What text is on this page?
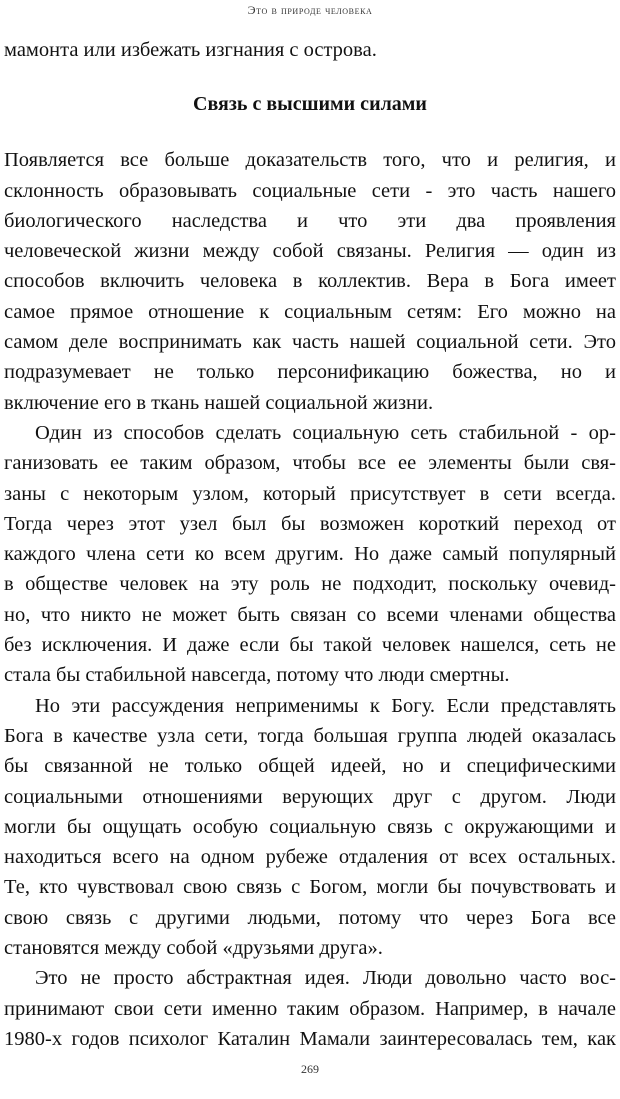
Это в природе человека
мамонта или избежать изгнания с острова.
Связь с высшими силами
Появляется все больше доказательств того, что и религия, и
склонность образовывать социальные сети - это часть нашего
биологического наследства и что эти два проявления
человеческой жизни между собой связаны. Религия — один из
способов включить человека в коллектив. Вера в Бога имеет
самое прямое отношение к социальным сетям: Его можно на
самом деле воспринимать как часть нашей социальной сети. Это
подразумевает не только персонификацию божества, но и
включение его в ткань нашей социальной жизни.
Один из способов сделать социальную сеть стабильной - ор-
ганизовать ее таким образом, чтобы все ее элементы были свя-
заны с некоторым узлом, который присутствует в сети всегда.
Тогда через этот узел был бы возможен короткий переход от
каждого члена сети ко всем другим. Но даже самый популярный
в обществе человек на эту роль не подходит, поскольку очевид-
но, что никто не может быть связан со всеми членами общества
без исключения. И даже если бы такой человек нашелся, сеть не
стала бы стабильной навсегда, потому что люди смертны.
Но эти рассуждения неприменимы к Богу. Если представлять
Бога в качестве узла сети, тогда большая группа людей оказалась
бы связанной не только общей идеей, но и специфическими
социальными отношениями верующих друг с другом. Люди
могли бы ощущать особую социальную связь с окружающими и
находиться всего на одном рубеже отдаления от всех остальных.
Те, кто чувствовал свою связь с Богом, могли бы почувствовать и
свою связь с другими людьми, потому что через Бога все
становятся между собой «друзьями друга».
Это не просто абстрактная идея. Люди довольно часто вос-
принимают свои сети именно таким образом. Например, в начале
1980-х годов психолог Каталин Мамали заинтересовалась тем, как
269
